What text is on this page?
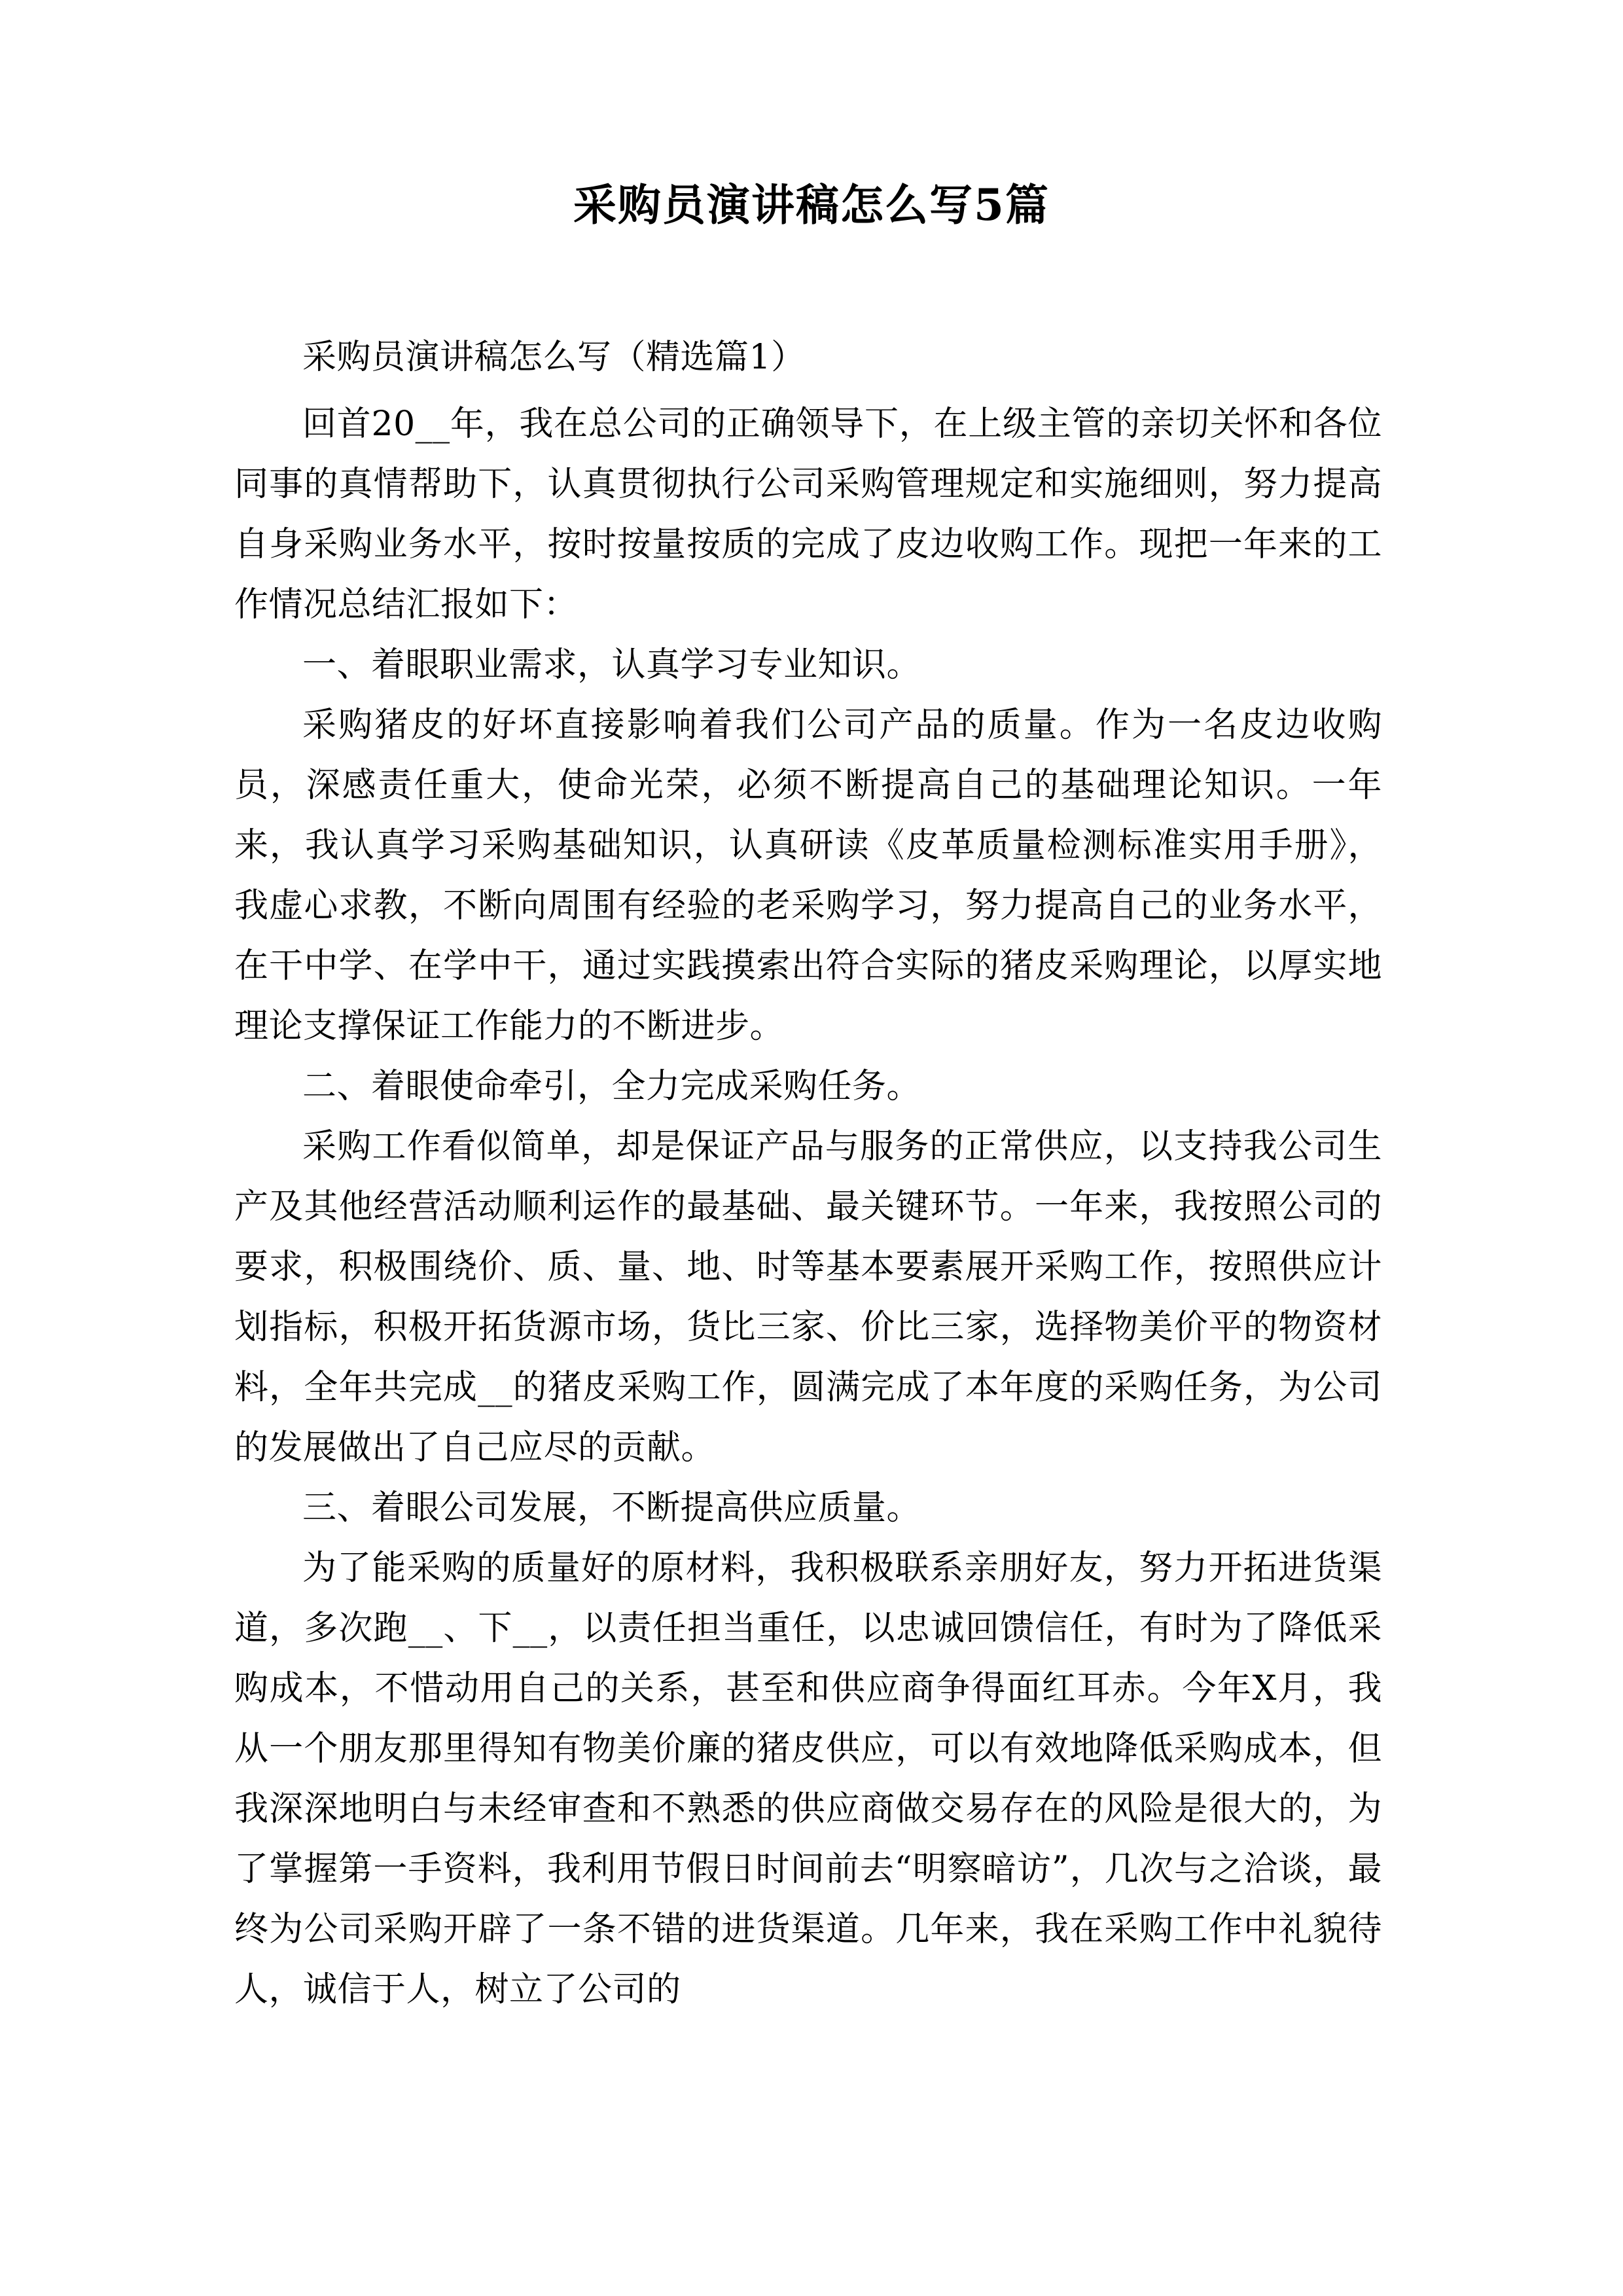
采购员演讲稿怎么写5篇
采购员演讲稿怎么写（精选篇1）

回首20__年，我在总公司的正确领导下，在上级主管的亲切关怀和各位同事的真情帮助下，认真贯彻执行公司采购管理规定和实施细则，努力提高自身采购业务水平，按时按量按质的完成了皮边收购工作。现把一年来的工作情况总结汇报如下：

一、着眼职业需求，认真学习专业知识。

采购猪皮的好坏直接影响着我们公司产品的质量。作为一名皮边收购员，深感责任重大，使命光荣，必须不断提高自己的基础理论知识。一年来，我认真学习采购基础知识，认真研读《皮革质量检测标准实用手册》，我虚心求教，不断向周围有经验的老采购学习，努力提高自己的业务水平，在干中学、在学中干，通过实践摸索出符合实际的猪皮采购理论，以厚实地理论支撑保证工作能力的不断进步。

二、着眼使命牵引，全力完成采购任务。

采购工作看似简单，却是保证产品与服务的正常供应，以支持我公司生产及其他经营活动顺利运作的最基础、最关键环节。一年来，我按照公司的要求，积极围绕价、质、量、地、时等基本要素展开采购工作，按照供应计划指标，积极开拓货源市场，货比三家、价比三家，选择物美价平的物资材料，全年共完成__的猪皮采购工作，圆满完成了本年度的采购任务，为公司的发展做出了自己应尽的贡献。

三、着眼公司发展，不断提高供应质量。

为了能采购的质量好的原材料，我积极联系亲朋好友，努力开拓进货渠道，多次跑__、下__，以责任担当重任，以忠诚回馈信任，有时为了降低采购成本，不惜动用自己的关系，甚至和供应商争得面红耳赤。今年X月，我从一个朋友那里得知有物美价廉的猪皮供应，可以有效地降低采购成本，但我深深地明白与未经审查和不熟悉的供应商做交易存在的风险是很大的，为了掌握第一手资料，我利用节假日时间前去“明察暗访”，几次与之洽谈，最终为公司采购开辟了一条不错的进货渠道。几年来，我在采购工作中礼貌待人，诚信于人，树立了公司的
